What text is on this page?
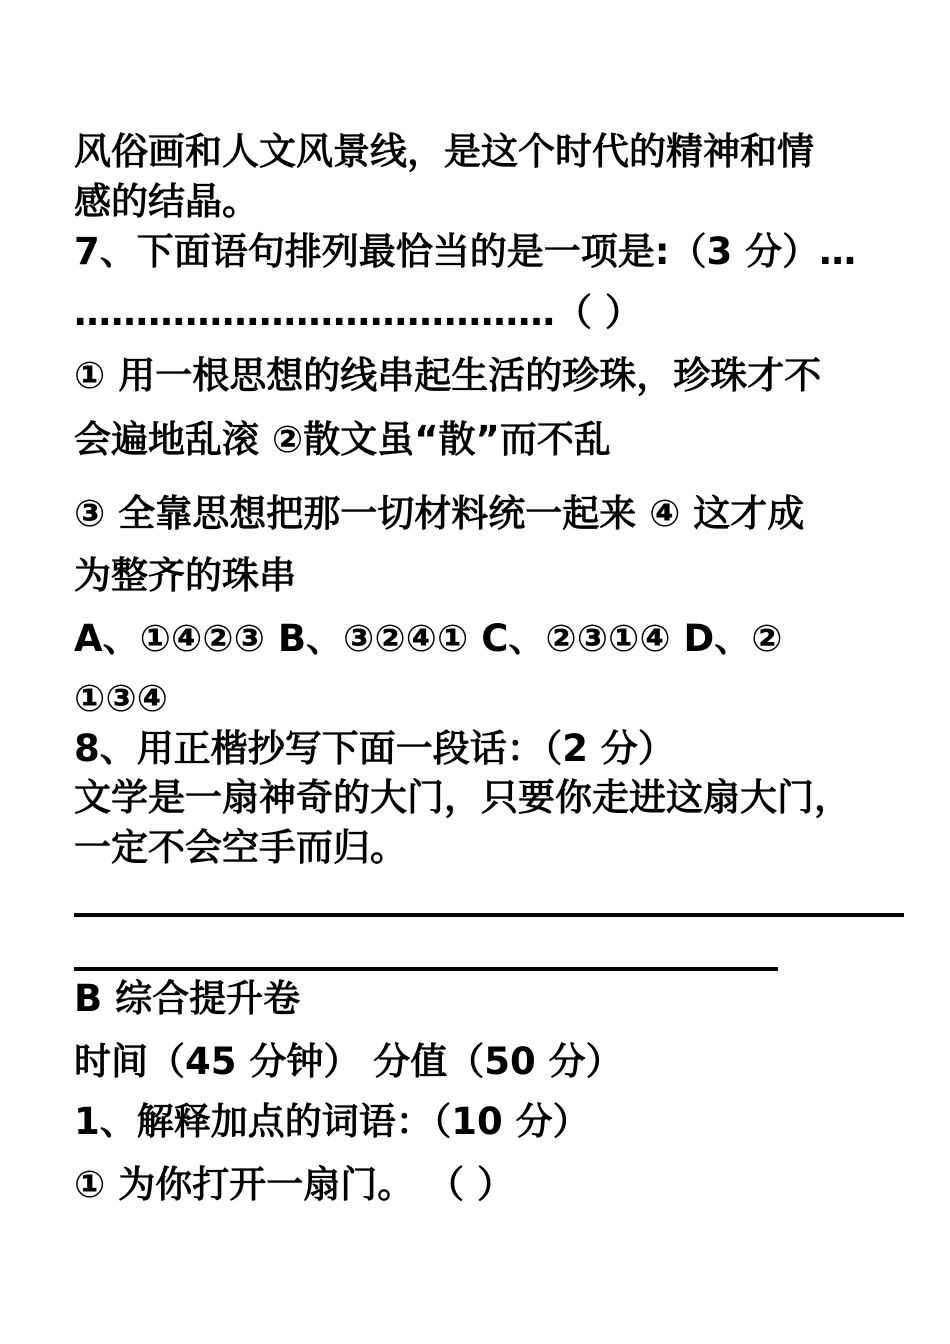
风俗画和人文风景线，是这个时代的精神和情
感的结晶。
7、下面语句排列最恰当的是一项是:（3 分）…
…………………………………（ ）
① 用一根思想的线串起生活的珍珠，珍珠才不
会遍地乱滚 ②散文虽“散”而不乱
③ 全靠思想把那一切材料统一起来 ④ 这才成
为整齐的珠串
A、①④②③ B、③②④① C、②③①④ D、②
①③④
8、用正楷抄写下面一段话：（2 分）
文学是一扇神奇的大门，只要你走进这扇大门，
一定不会空手而归。
B 综合提升卷
时间（45 分钟） 分值（50 分）
1、解释加点的词语：（10 分）
① 为你打开一扇门。 （ ）
